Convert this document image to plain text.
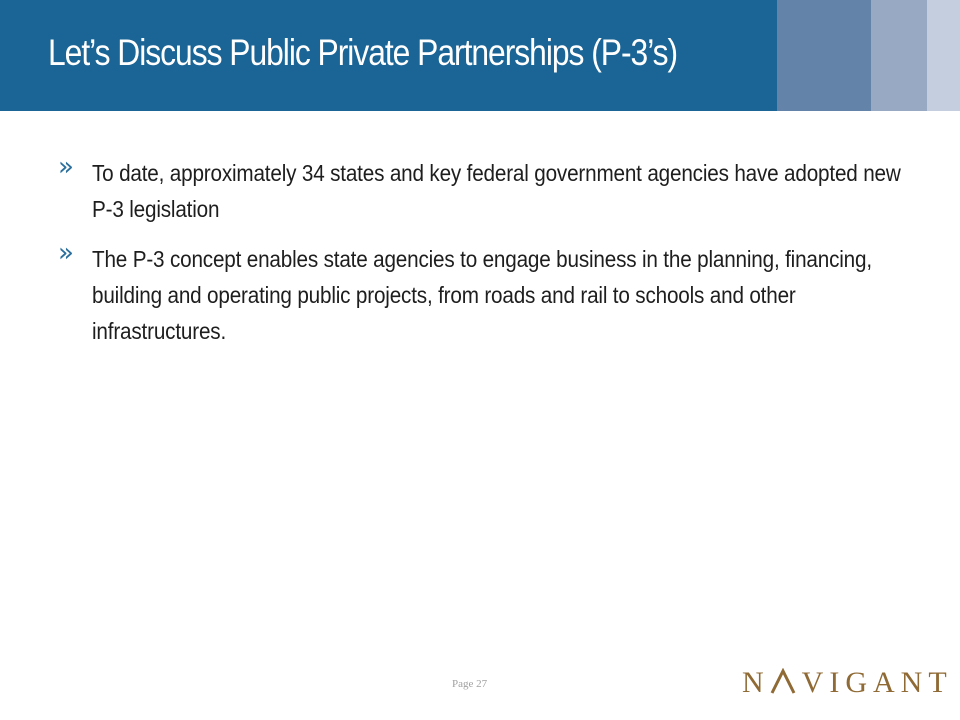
Let’s Discuss Public Private Partnerships (P-3’s)
» To date, approximately 34 states and key federal government agencies have adopted new P-3 legislation
» The P-3 concept enables state agencies to engage business in the planning, financing, building and operating public projects, from roads and rail to schools and other infrastructures.
Page 27	N VIGANT
